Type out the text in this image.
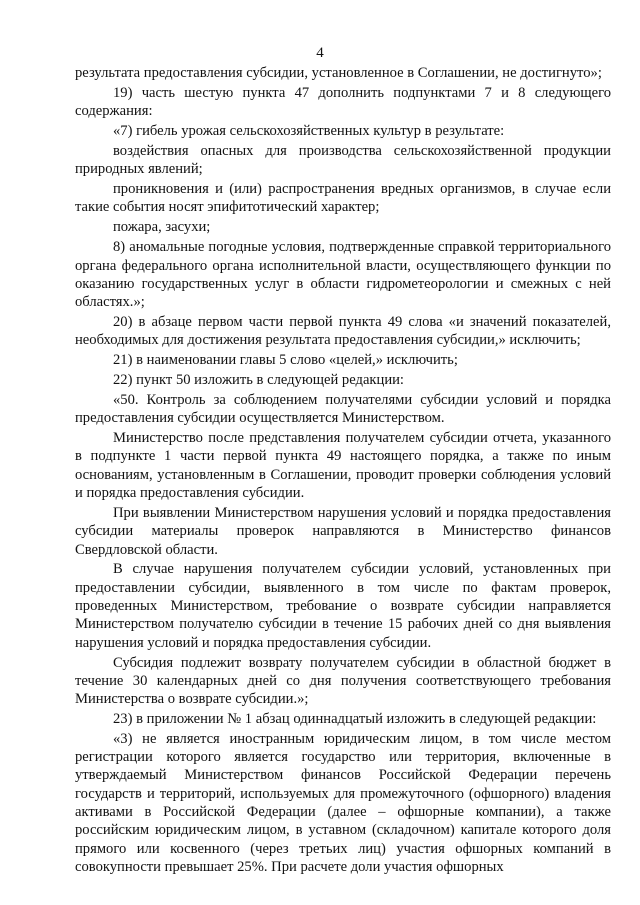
4

результата предоставления субсидии, установленное в Соглашении, не достигнуто»;

19) часть шестую пункта 47 дополнить подпунктами 7 и 8 следующего содержания:

«7) гибель урожая сельскохозяйственных культур в результате:

воздействия опасных для производства сельскохозяйственной продукции природных явлений;

проникновения и (или) распространения вредных организмов, в случае если такие события носят эпифитотический характер;

пожара, засухи;

8) аномальные погодные условия, подтвержденные справкой территориального органа федерального органа исполнительной власти, осуществляющего функции по оказанию государственных услуг в области гидрометеорологии и смежных с ней областях.»;

20) в абзаце первом части первой пункта 49 слова «и значений показателей, необходимых для достижения результата предоставления субсидии,» исключить;

21) в наименовании главы 5 слово «целей,» исключить;

22) пункт 50 изложить в следующей редакции:

«50. Контроль за соблюдением получателями субсидии условий и порядка предоставления субсидии осуществляется Министерством.

Министерство после представления получателем субсидии отчета, указанного в подпункте 1 части первой пункта 49 настоящего порядка, а также по иным основаниям, установленным в Соглашении, проводит проверки соблюдения условий и порядка предоставления субсидии.

При выявлении Министерством нарушения условий и порядка предоставления субсидии материалы проверок направляются в Министерство финансов Свердловской области.

В случае нарушения получателем субсидии условий, установленных при предоставлении субсидии, выявленного в том числе по фактам проверок, проведенных Министерством, требование о возврате субсидии направляется Министерством получателю субсидии в течение 15 рабочих дней со дня выявления нарушения условий и порядка предоставления субсидии.

Субсидия подлежит возврату получателем субсидии в областной бюджет в течение 30 календарных дней со дня получения соответствующего требования Министерства о возврате субсидии.»;

23) в приложении № 1 абзац одиннадцатый изложить в следующей редакции:

«3) не является иностранным юридическим лицом, в том числе местом регистрации которого является государство или территория, включенные в утверждаемый Министерством финансов Российской Федерации перечень государств и территорий, используемых для промежуточного (офшорного) владения активами в Российской Федерации (далее – офшорные компании), а также российским юридическим лицом, в уставном (складочном) капитале которого доля прямого или косвенного (через третьих лиц) участия офшорных компаний в совокупности превышает 25%. При расчете доли участия офшорных
